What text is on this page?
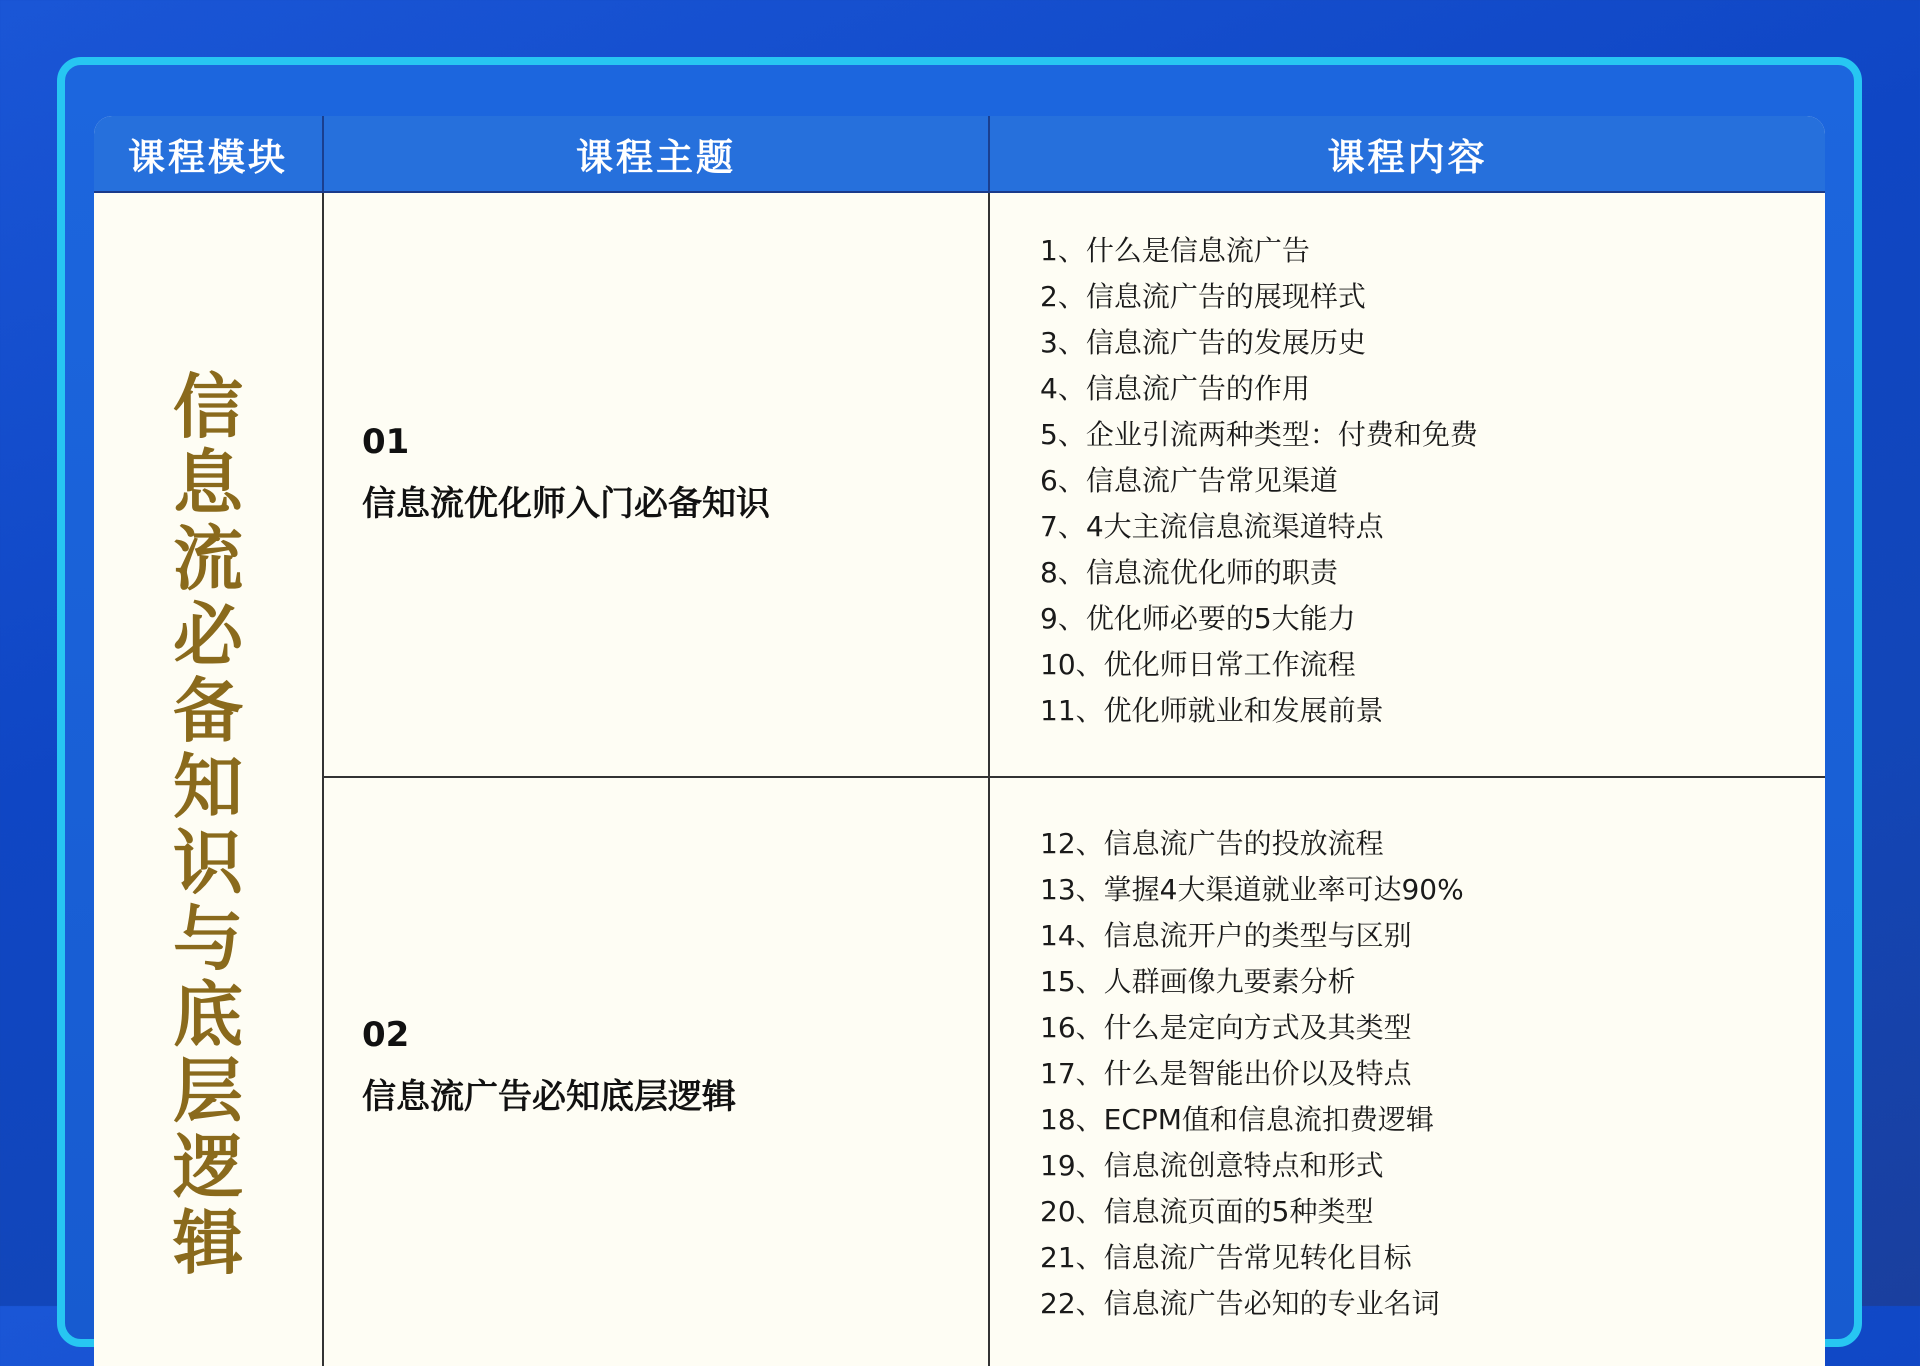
课程模块	课程主题	课程内容
信息流必备知识与底层逻辑
01
信息流优化师入门必备知识
1、什么是信息流广告
2、信息流广告的展现样式
3、信息流广告的发展历史
4、信息流广告的作用
5、企业引流两种类型：付费和免费
6、信息流广告常见渠道
7、4大主流信息流渠道特点
8、信息流优化师的职责
9、优化师必要的5大能力
10、优化师日常工作流程
11、优化师就业和发展前景
02
信息流广告必知底层逻辑
12、信息流广告的投放流程
13、掌握4大渠道就业率可达90%
14、信息流开户的类型与区别
15、人群画像九要素分析
16、什么是定向方式及其类型
17、什么是智能出价以及特点
18、ECPM值和信息流扣费逻辑
19、信息流创意特点和形式
20、信息流页面的5种类型
21、信息流广告常见转化目标
22、信息流广告必知的专业名词
